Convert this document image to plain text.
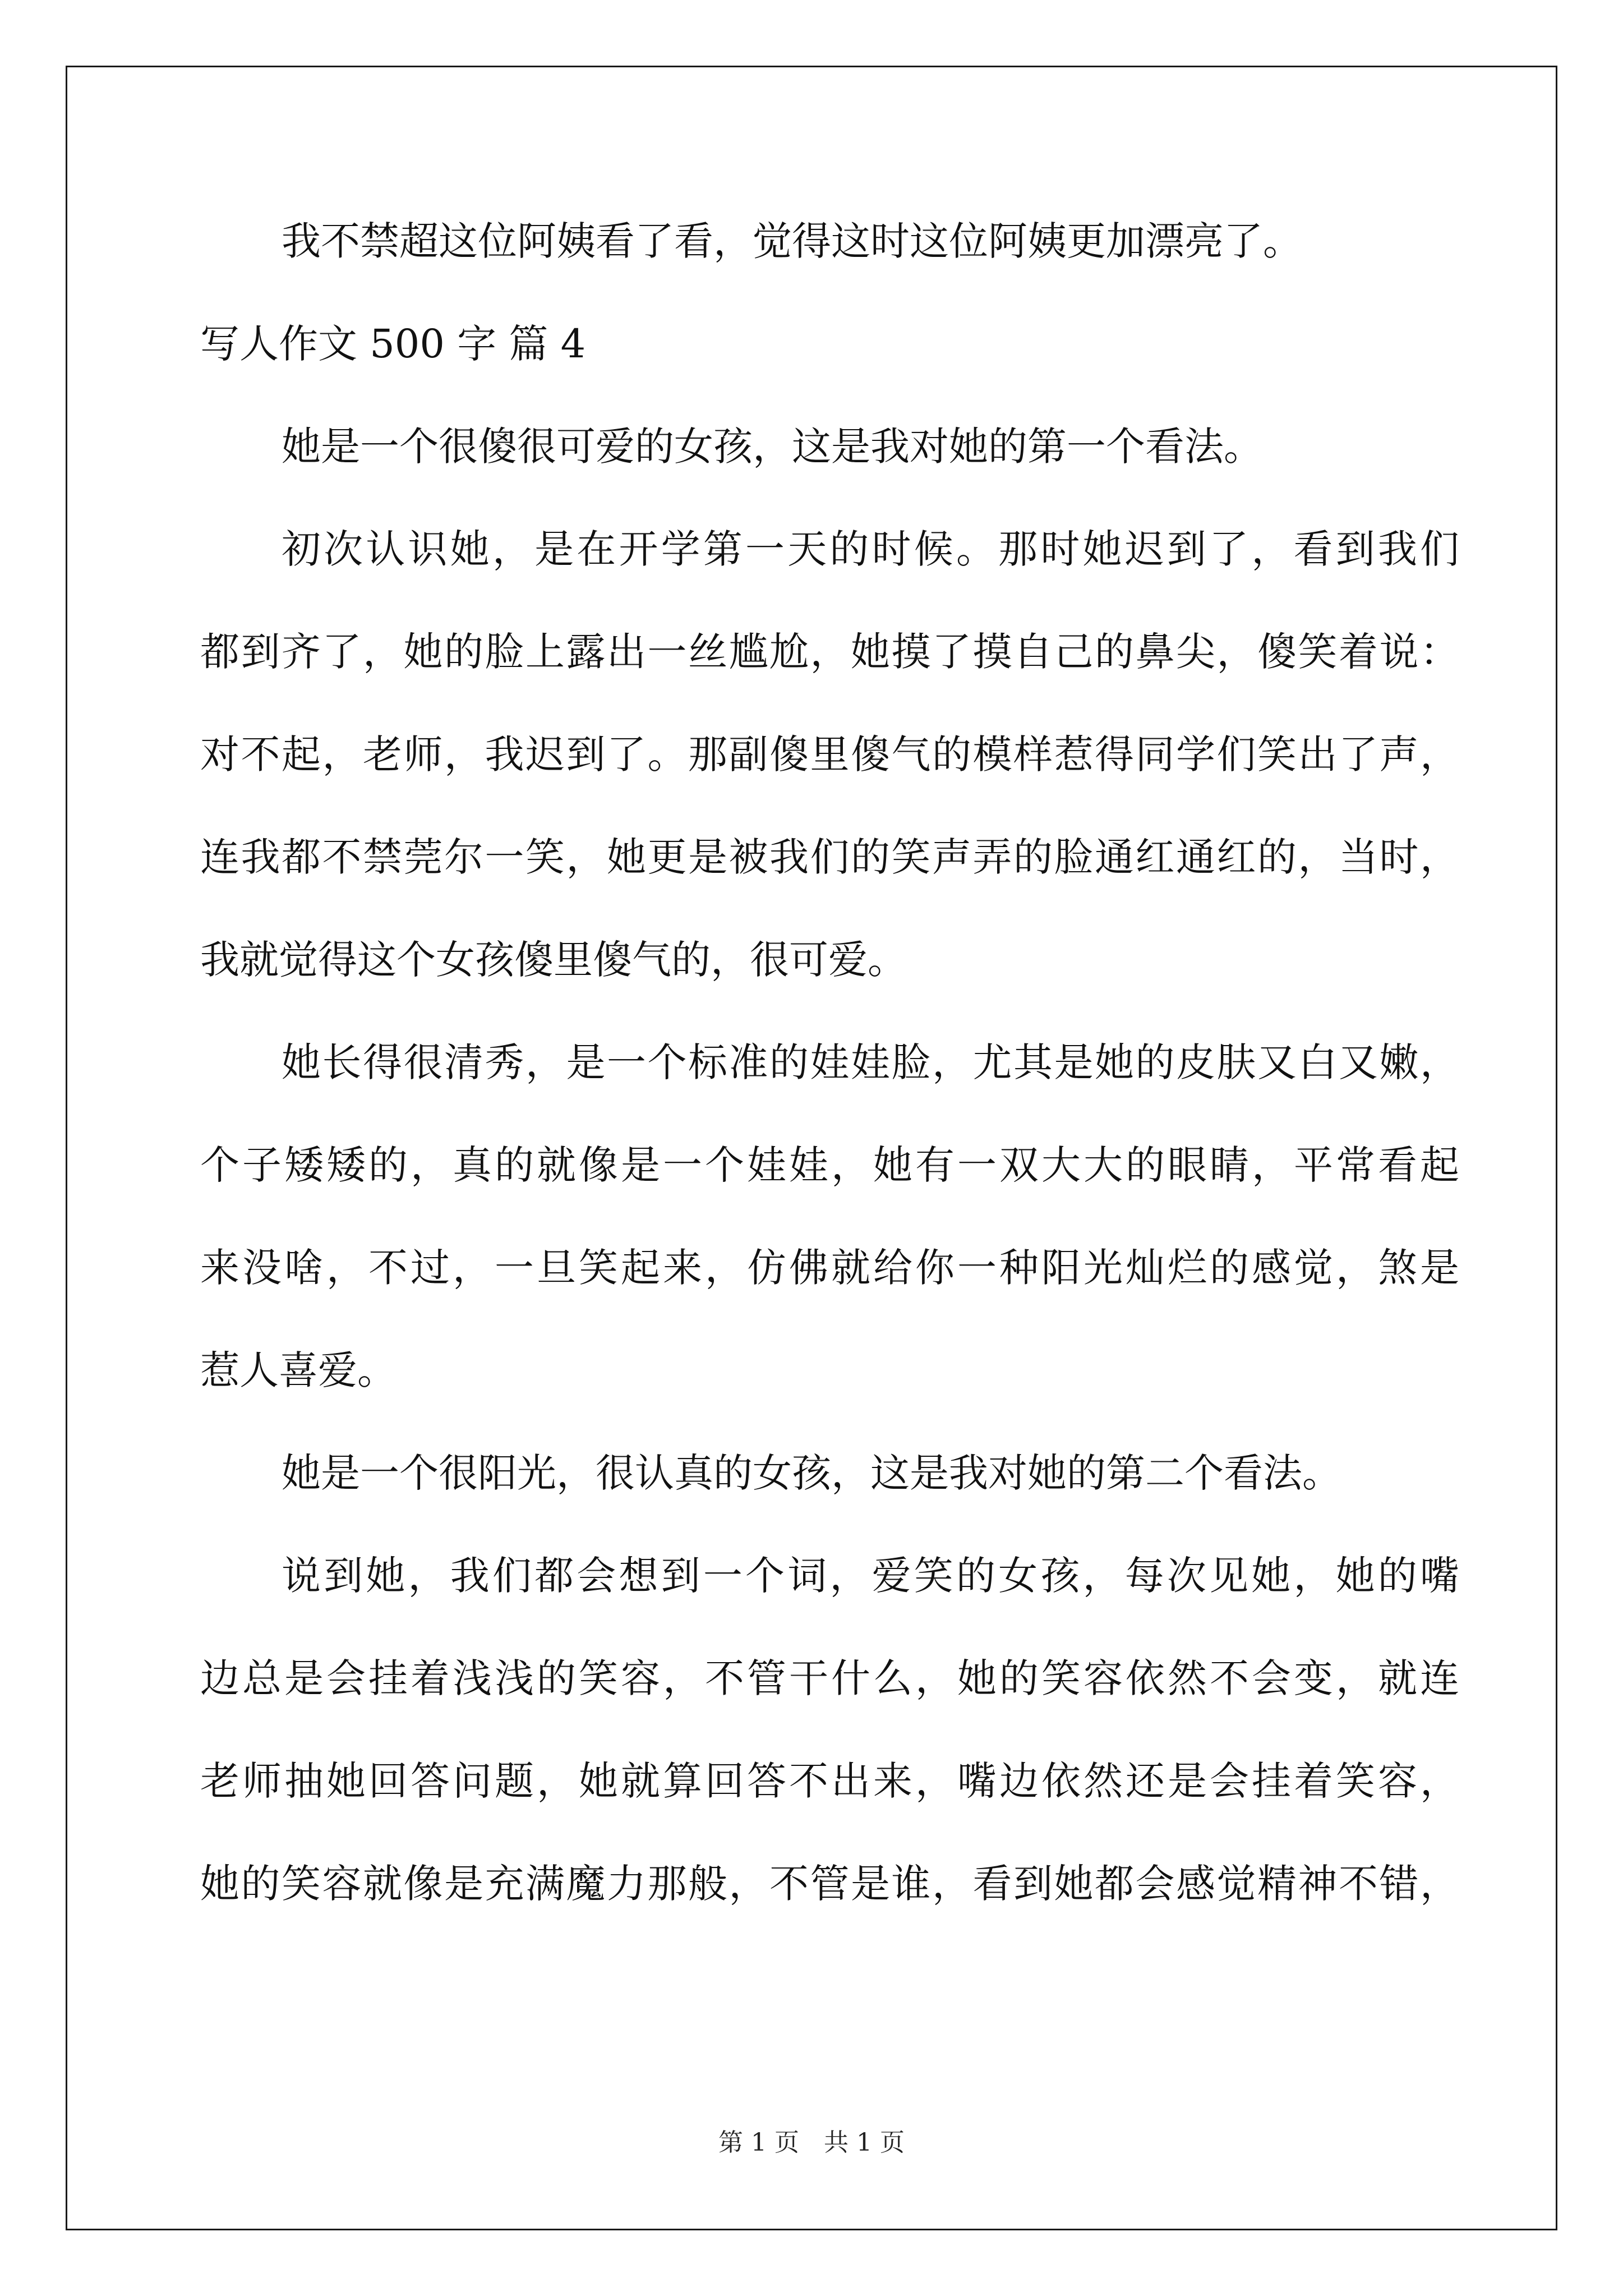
我不禁超这位阿姨看了看，觉得这时这位阿姨更加漂亮了。

写人作文 500 字 篇 4

她是一个很傻很可爱的女孩，这是我对她的第一个看法。

初次认识她，是在开学第一天的时候。那时她迟到了，看到我们

都到齐了，她的脸上露出一丝尴尬，她摸了摸自己的鼻尖，傻笑着说：

对不起，老师，我迟到了。那副傻里傻气的模样惹得同学们笑出了声，

连我都不禁莞尔一笑，她更是被我们的笑声弄的脸通红通红的，当时，

我就觉得这个女孩傻里傻气的，很可爱。

她长得很清秀，是一个标准的娃娃脸，尤其是她的皮肤又白又嫩，

个子矮矮的，真的就像是一个娃娃，她有一双大大的眼睛，平常看起

来没啥，不过，一旦笑起来，仿佛就给你一种阳光灿烂的感觉，煞是

惹人喜爱。

她是一个很阳光，很认真的女孩，这是我对她的第二个看法。

说到她，我们都会想到一个词，爱笑的女孩，每次见她，她的嘴

边总是会挂着浅浅的笑容，不管干什么，她的笑容依然不会变，就连

老师抽她回答问题，她就算回答不出来，嘴边依然还是会挂着笑容，

她的笑容就像是充满魔力那般，不管是谁，看到她都会感觉精神不错，

第 1 页 共 1 页
